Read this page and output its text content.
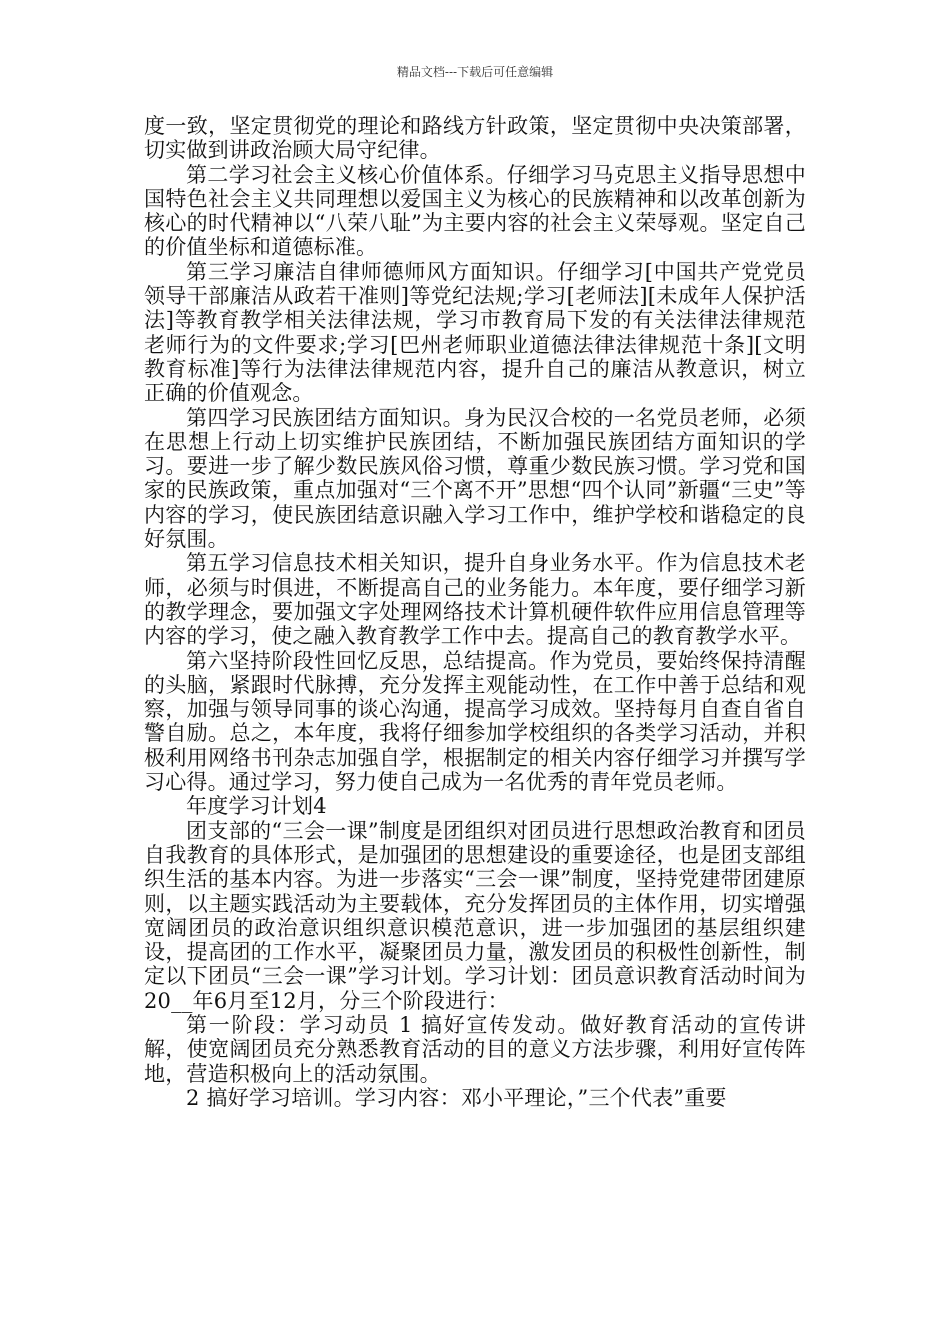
精品文档---下载后可任意编辑

度一致，坚定贯彻党的理论和路线方针政策，坚定贯彻中央决策部署，切实做到讲政治顾大局守纪律。

第二学习社会主义核心价值体系。仔细学习马克思主义指导思想中国特色社会主义共同理想以爱国主义为核心的民族精神和以改革创新为核心的时代精神以“八荣八耻”为主要内容的社会主义荣辱观。坚定自己的价值坐标和道德标准。

第三学习廉洁自律师德师风方面知识。仔细学习[中国共产党党员领导干部廉洁从政若干准则]等党纪法规;学习[老师法][未成年人保护活法]等教育教学相关法律法规，学习市教育局下发的有关法律法律规范老师行为的文件要求;学习[巴州老师职业道德法律法律规范十条][文明教育标准]等行为法律法律规范内容，提升自己的廉洁从教意识，树立正确的价值观念。

第四学习民族团结方面知识。身为民汉合校的一名党员老师，必须在思想上行动上切实维护民族团结，不断加强民族团结方面知识的学习。要进一步了解少数民族风俗习惯，尊重少数民族习惯。学习党和国家的民族政策，重点加强对“三个离不开”思想“四个认同”新疆“三史”等内容的学习，使民族团结意识融入学习工作中，维护学校和谐稳定的良好氛围。

第五学习信息技术相关知识，提升自身业务水平。作为信息技术老师，必须与时俱进，不断提高自己的业务能力。本年度，要仔细学习新的教学理念，要加强文字处理网络技术计算机硬件软件应用信息管理等内容的学习，使之融入教育教学工作中去。提高自己的教育教学水平。

第六坚持阶段性回忆反思，总结提高。作为党员，要始终保持清醒的头脑，紧跟时代脉搏，充分发挥主观能动性，在工作中善于总结和观察，加强与领导同事的谈心沟通，提高学习成效。坚持每月自查自省自警自励。总之，本年度，我将仔细参加学校组织的各类学习活动，并积极利用网络书刊杂志加强自学，根据制定的相关内容仔细学习并撰写学习心得。通过学习，努力使自己成为一名优秀的青年党员老师。

年度学习计划4

团支部的“三会一课”制度是团组织对团员进行思想政治教育和团员自我教育的具体形式，是加强团的思想建设的重要途径，也是团支部组织生活的基本内容。为进一步落实“三会一课”制度，坚持党建带团建原则，以主题实践活动为主要载体，充分发挥团员的主体作用，切实增强宽阔团员的政治意识组织意识模范意识，进一步加强团的基层组织建设，提高团的工作水平，凝聚团员力量，激发团员的积极性创新性，制定以下团员“三会一课”学习计划。学习计划：团员意识教育活动时间为20__年6月至12月，分三个阶段进行：

第一阶段：学习动员 1 搞好宣传发动。做好教育活动的宣传讲解，使宽阔团员充分熟悉教育活动的目的意义方法步骤，利用好宣传阵地，营造积极向上的活动氛围。

2 搞好学习培训。学习内容：邓小平理论，”三个代表”重要
